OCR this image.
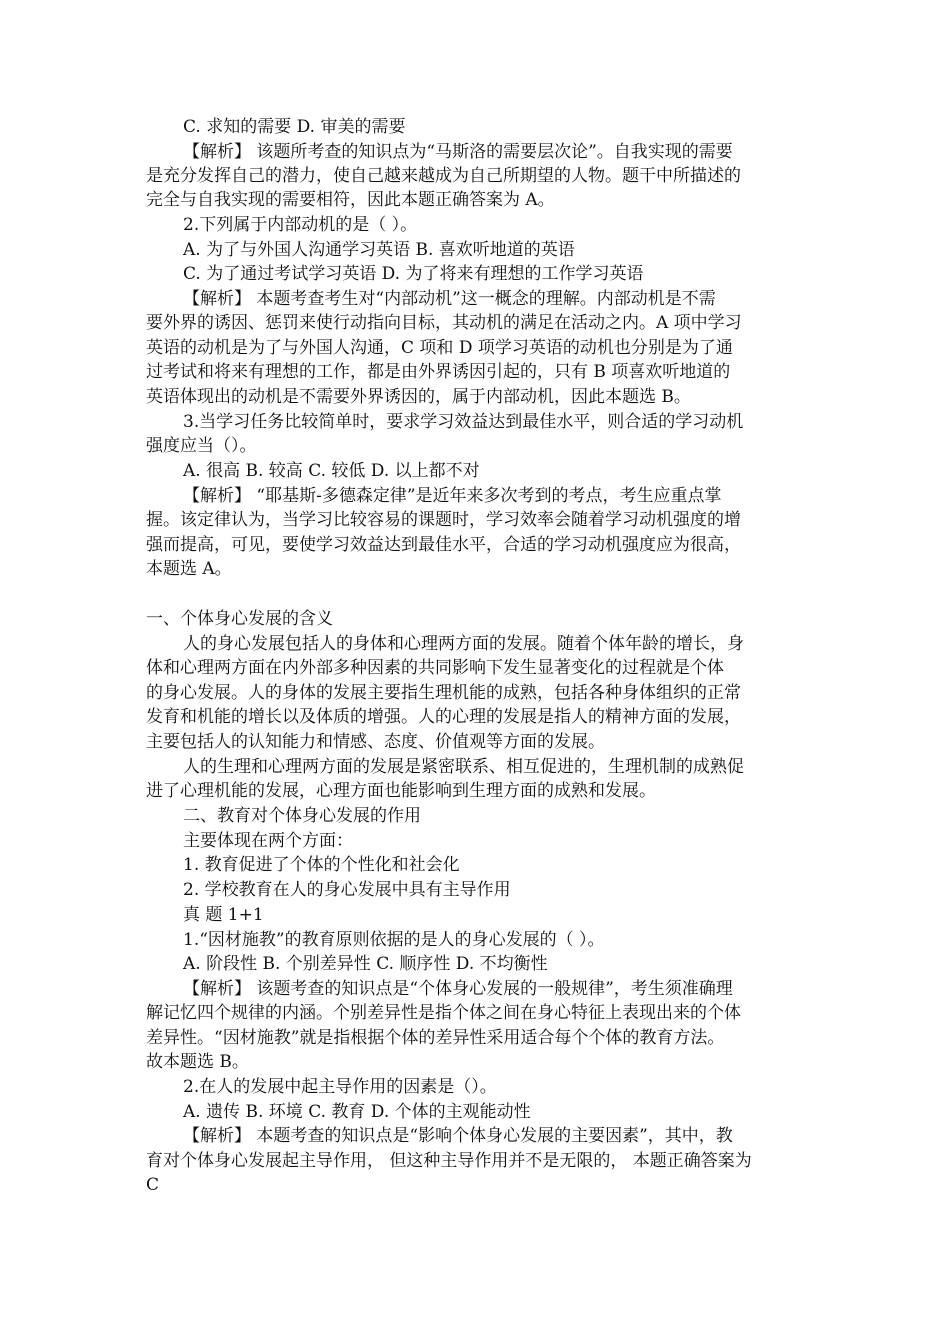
C. 求知的需要 D. 审美的需要
【解析】 该题所考查的知识点为“马斯洛的需要层次论”。自我实现的需要
是充分发挥自己的潜力，使自己越来越成为自己所期望的人物。题干中所描述的
完全与自我实现的需要相符，因此本题正确答案为 A。
2.下列属于内部动机的是（ ）。
A. 为了与外国人沟通学习英语 B. 喜欢听地道的英语
C. 为了通过考试学习英语 D. 为了将来有理想的工作学习英语
【解析】 本题考查考生对“内部动机”这一概念的理解。内部动机是不需
要外界的诱因、惩罚来使行动指向目标，其动机的满足在活动之内。A 项中学习
英语的动机是为了与外国人沟通，C 项和 D 项学习英语的动机也分别是为了通
过考试和将来有理想的工作，都是由外界诱因引起的，只有 B 项喜欢听地道的
英语体现出的动机是不需要外界诱因的，属于内部动机，因此本题选 B。
3.当学习任务比较简单时，要求学习效益达到最佳水平，则合适的学习动机
强度应当（）。
A. 很高 B. 较高 C. 较低 D. 以上都不对
【解析】 “耶基斯-多德森定律”是近年来多次考到的考点，考生应重点掌
握。该定律认为，当学习比较容易的课题时，学习效率会随着学习动机强度的增
强而提高，可见，要使学习效益达到最佳水平，合适的学习动机强度应为很高，
本题选 A。
一、个体身心发展的含义
人的身心发展包括人的身体和心理两方面的发展。随着个体年龄的增长，身
体和心理两方面在内外部多种因素的共同影响下发生显著变化的过程就是个体
的身心发展。人的身体的发展主要指生理机能的成熟，包括各种身体组织的正常
发育和机能的增长以及体质的增强。人的心理的发展是指人的精神方面的发展，
主要包括人的认知能力和情感、态度、价值观等方面的发展。
人的生理和心理两方面的发展是紧密联系、相互促进的，生理机制的成熟促
进了心理机能的发展，心理方面也能影响到生理方面的成熟和发展。
二、教育对个体身心发展的作用
主要体现在两个方面：
1. 教育促进了个体的个性化和社会化
2. 学校教育在人的身心发展中具有主导作用
真 题 1+1
1.“因材施教”的教育原则依据的是人的身心发展的（ ）。
A. 阶段性 B. 个别差异性 C. 顺序性 D. 不均衡性
【解析】 该题考查的知识点是“个体身心发展的一般规律”，考生须准确理
解记忆四个规律的内涵。个别差异性是指个体之间在身心特征上表现出来的个体
差异性。“因材施教”就是指根据个体的差异性采用适合每个个体的教育方法。
故本题选 B。
2.在人的发展中起主导作用的因素是（）。
A. 遗传 B. 环境 C. 教育 D. 个体的主观能动性
【解析】 本题考查的知识点是“影响个体身心发展的主要因素”，其中，教
育对个体身心发展起主导作用， 但这种主导作用并不是无限的， 本题正确答案为
C
